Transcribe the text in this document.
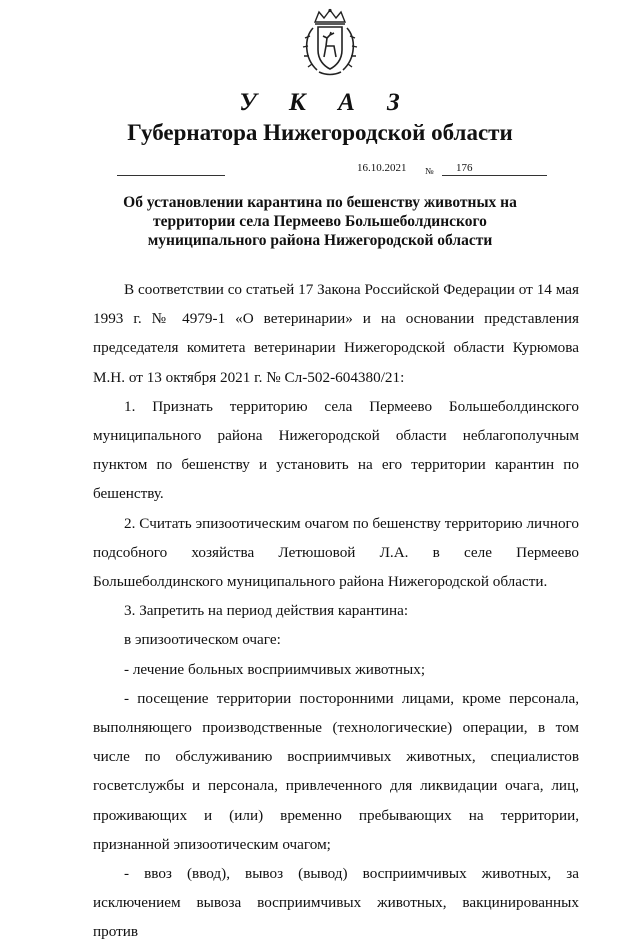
У К А З
Губернатора Нижегородской области
16.10.2021 № 176
Об установлении карантина по бешенству животных на территории села Пермеево Большеболдинского муниципального района Нижегородской области

В соответствии со статьей 17 Закона Российской Федерации от 14 мая 1993 г. № 4979-1 «О ветеринарии» и на основании представления председателя комитета ветеринарии Нижегородской области Курюмова М.Н. от 13 октября 2021 г. № Сл-502-604380/21:

1. Признать территорию села Пермеево Большеболдинского муниципального района Нижегородской области неблагополучным пунктом по бешенству и установить на его территории карантин по бешенству.

2. Считать эпизоотическим очагом по бешенству территорию личного подсобного хозяйства Летюшовой Л.А. в селе Пермеево Большеболдинского муниципального района Нижегородской области.

3. Запретить на период действия карантина:

в эпизоотическом очаге:

- лечение больных восприимчивых животных;

- посещение территории посторонними лицами, кроме персонала, выполняющего производственные (технологические) операции, в том числе по обслуживанию восприимчивых животных, специалистов госветслужбы и персонала, привлеченного для ликвидации очага, лиц, проживающих и (или) временно пребывающих на территории, признанной эпизоотическим очагом;

- ввоз (ввод), вывоз (вывод) восприимчивых животных, за исключением вывоза восприимчивых животных, вакцинированных против
